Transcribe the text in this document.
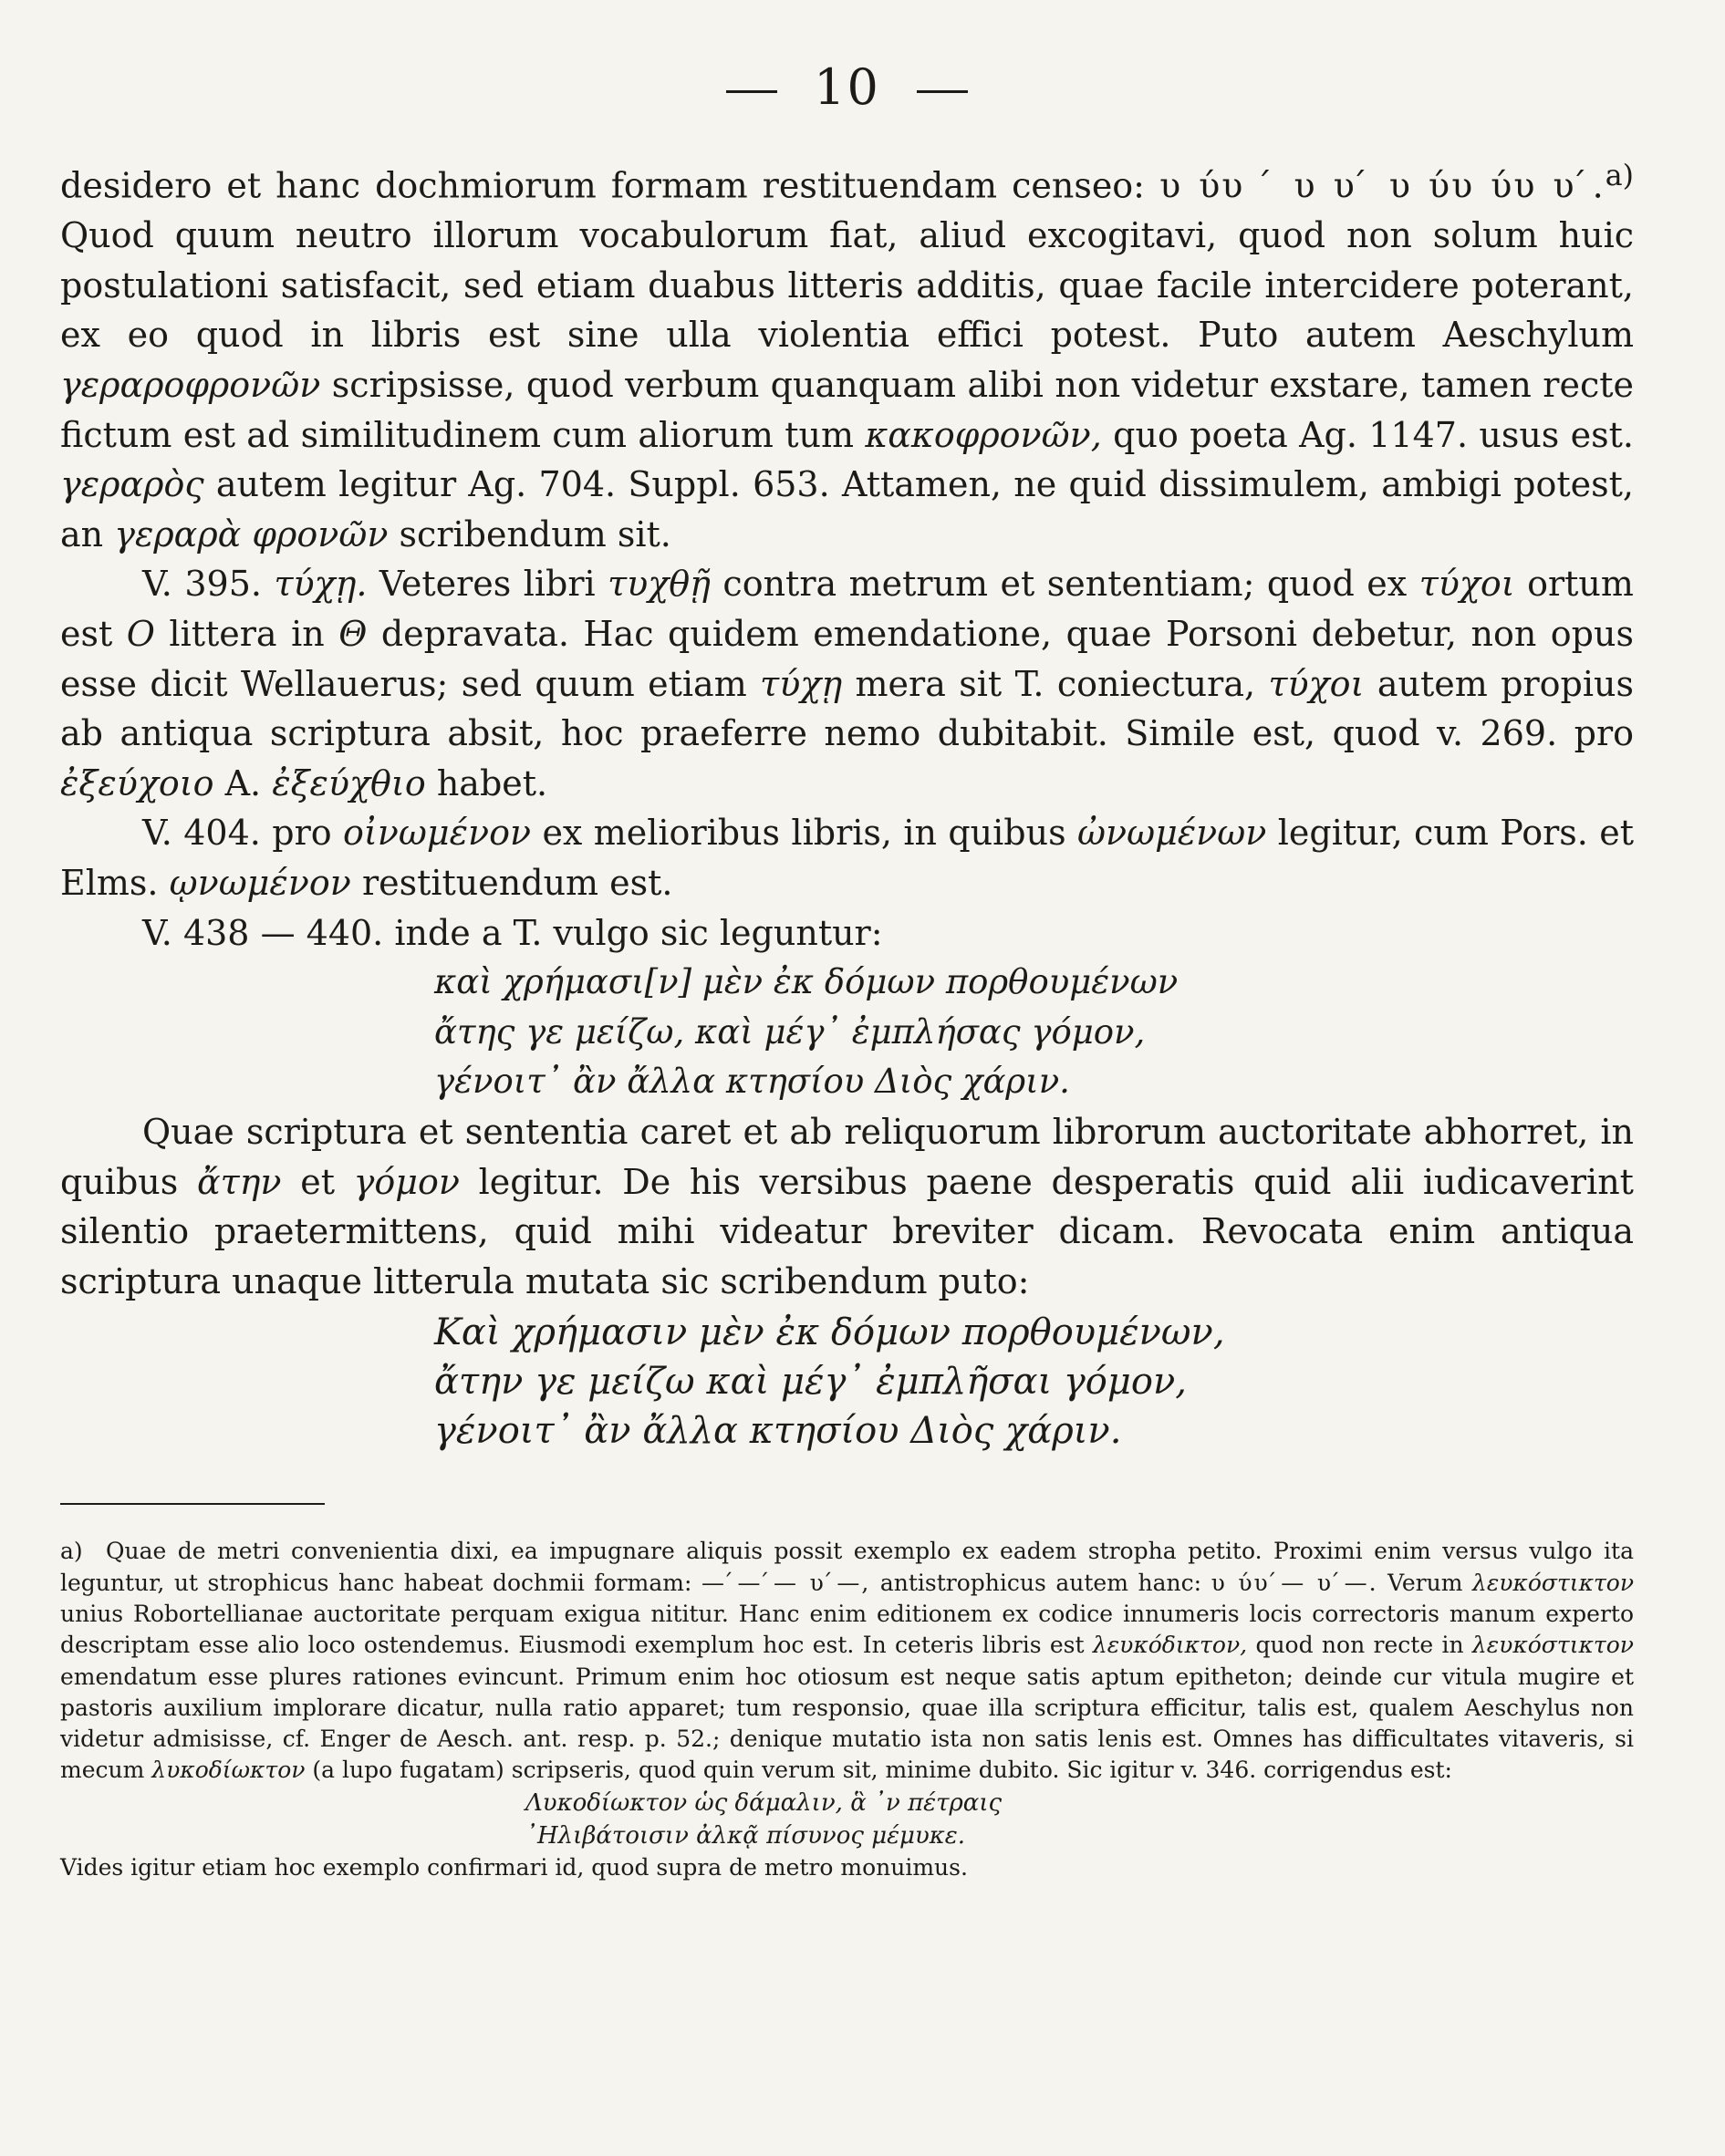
10

desidero et hanc dochmiorum formam restituendam censeo: υ ύυ ́ υ υ ́ υ ύυ ύυ υ ́.$^{a)}$ Quod quum neutro illorum vocabulorum fiat, aliud excogitavi, quod non solum huic postulationi satisfacit, sed etiam duabus litteris additis, quae facile intercidere poterant, ex eo quod in libris est sine ulla violentia effici potest. Puto autem Aeschylum γεραροφρονῶν scripsisse, quod verbum quanquam alibi non videtur exstare, tamen recte fictum est ad similitudinem cum aliorum tum κακοφρονῶν, quo poeta Ag. 1147. usus est. γεραρὸς autem legitur Ag. 704. Suppl. 653. Attamen, ne quid dissimulem, ambigi potest, an γεραρὰ φρονῶν scribendum sit.

V. 395. τύχῃ. Veteres libri τυχθῇ contra metrum et sententiam; quod ex τύχοι ortum est O littera in Θ depravata. Hac quidem emendatione, quae Porsoni debetur, non opus esse dicit Wellauerus; sed quum etiam τύχῃ mera sit T. coniectura, τύχοι autem propius ab antiqua scriptura absit, hoc praeferre nemo dubitabit. Simile est, quod v. 269. pro ἐξεύχοιο A. ἐξεύχθιο habet.

V. 404. pro οἰνωμένον ex melioribus libris, in quibus ὠνωμένων legitur, cum Pors. et Elms. ῳνωμένον restituendum est.

V. 438 — 440. inde a T. vulgo sic leguntur:

καὶ χρήμασι[ν] μὲν ἐκ δόμων πορθουμένων
ἄτης γε μείζω, καὶ μέγ᾽ ἐμπλήσας γόμον,
γένοιτ᾽ ἂν ἄλλα κτησίου Διὸς χάριν.

Quae scriptura et sententia caret et ab reliquorum librorum auctoritate abhorret, in quibus ἄτην et γόμον legitur. De his versibus paene desperatis quid alii iudicaverint silentio praetermittens, quid mihi videatur breviter dicam. Revocata enim antiqua scriptura unaque litterula mutata sic scribendum puto:

Καὶ χρήμασιν μὲν ἐκ δόμων πορθουμένων,
ἄτην γε μείζω καὶ μέγ᾽ ἐμπλῆσαι γόμον,
γένοιτ᾽ ἂν ἄλλα κτησίου Διὸς χάριν.

a) Quae de metri convenientia dixi, ea impugnare aliquis possit exemplo ex eadem stropha petito. Proximi enim versus vulgo ita leguntur, ut strophicus hanc habeat dochmii formam: — ́— ́— υ ́—, antistrophicus autem hanc: υ ύυ ́— υ ́—. Verum λευκόστικτον unius Robortellianae auctoritate perquam exigua nititur. Hanc enim editionem ex codice innumeris locis correctoris manum experto descriptam esse alio loco ostendemus. Eiusmodi exemplum hoc est. In ceteris libris est λευκόδικτον, quod non recte in λευκόστικτον emendatum esse plures rationes evincunt. Primum enim hoc otiosum est neque satis aptum epitheton; deinde cur vitula mugire et pastoris auxilium implorare dicatur, nulla ratio apparet; tum responsio, quae illa scriptura efficitur, talis est, qualem Aeschylus non videtur admisisse, cf. Enger de Aesch. ant. resp. p. 52.; denique mutatio ista non satis lenis est. Omnes has difficultates vitaveris, si mecum λυκοδίωκτον (a lupo fugatam) scripseris, quod quin verum sit, minime dubito. Sic igitur v. 346. corrigendus est:

Λυκοδίωκτον ὡς δάμαλιν, ἃ ᾽ν πέτραις
᾽Ηλιβάτοισιν ἀλκᾷ πίσυνος μέμυκε.

Vides igitur etiam hoc exemplo confirmari id, quod supra de metro monuimus.
